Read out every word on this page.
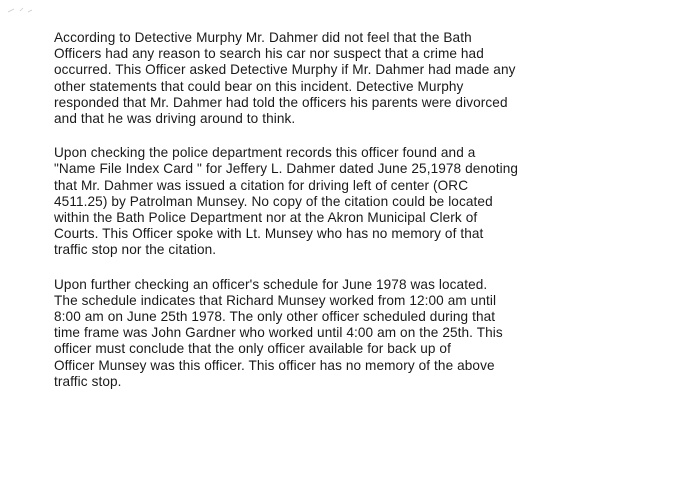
According to Detective Murphy Mr. Dahmer did not feel that the Bath
Officers had any reason to search his car nor suspect that a crime had
occurred. This Officer asked Detective Murphy if Mr. Dahmer had made any
other statements that could bear on this incident. Detective Murphy
responded that Mr. Dahmer had told the officers his parents were divorced
and that he was driving around to think.
Upon checking the police department records this officer found and a
"Name File Index Card " for Jeffery L. Dahmer dated June 25,1978 denoting
that Mr. Dahmer was issued a citation for driving left of center (ORC
4511.25) by Patrolman Munsey. No copy of the citation could be located
within the Bath Police Department nor at the Akron Municipal Clerk of
Courts. This Officer spoke with Lt. Munsey who has no memory of that
traffic stop nor the citation.
Upon further checking an officer's schedule for June 1978 was located.
The schedule indicates that Richard Munsey worked from 12:00 am until
8:00 am on June 25th 1978. The only other officer scheduled during that
time frame was John Gardner who worked until 4:00 am on the 25th. This
officer must conclude that the only officer available for back up of
Officer Munsey was this officer. This officer has no memory of the above
traffic stop.
